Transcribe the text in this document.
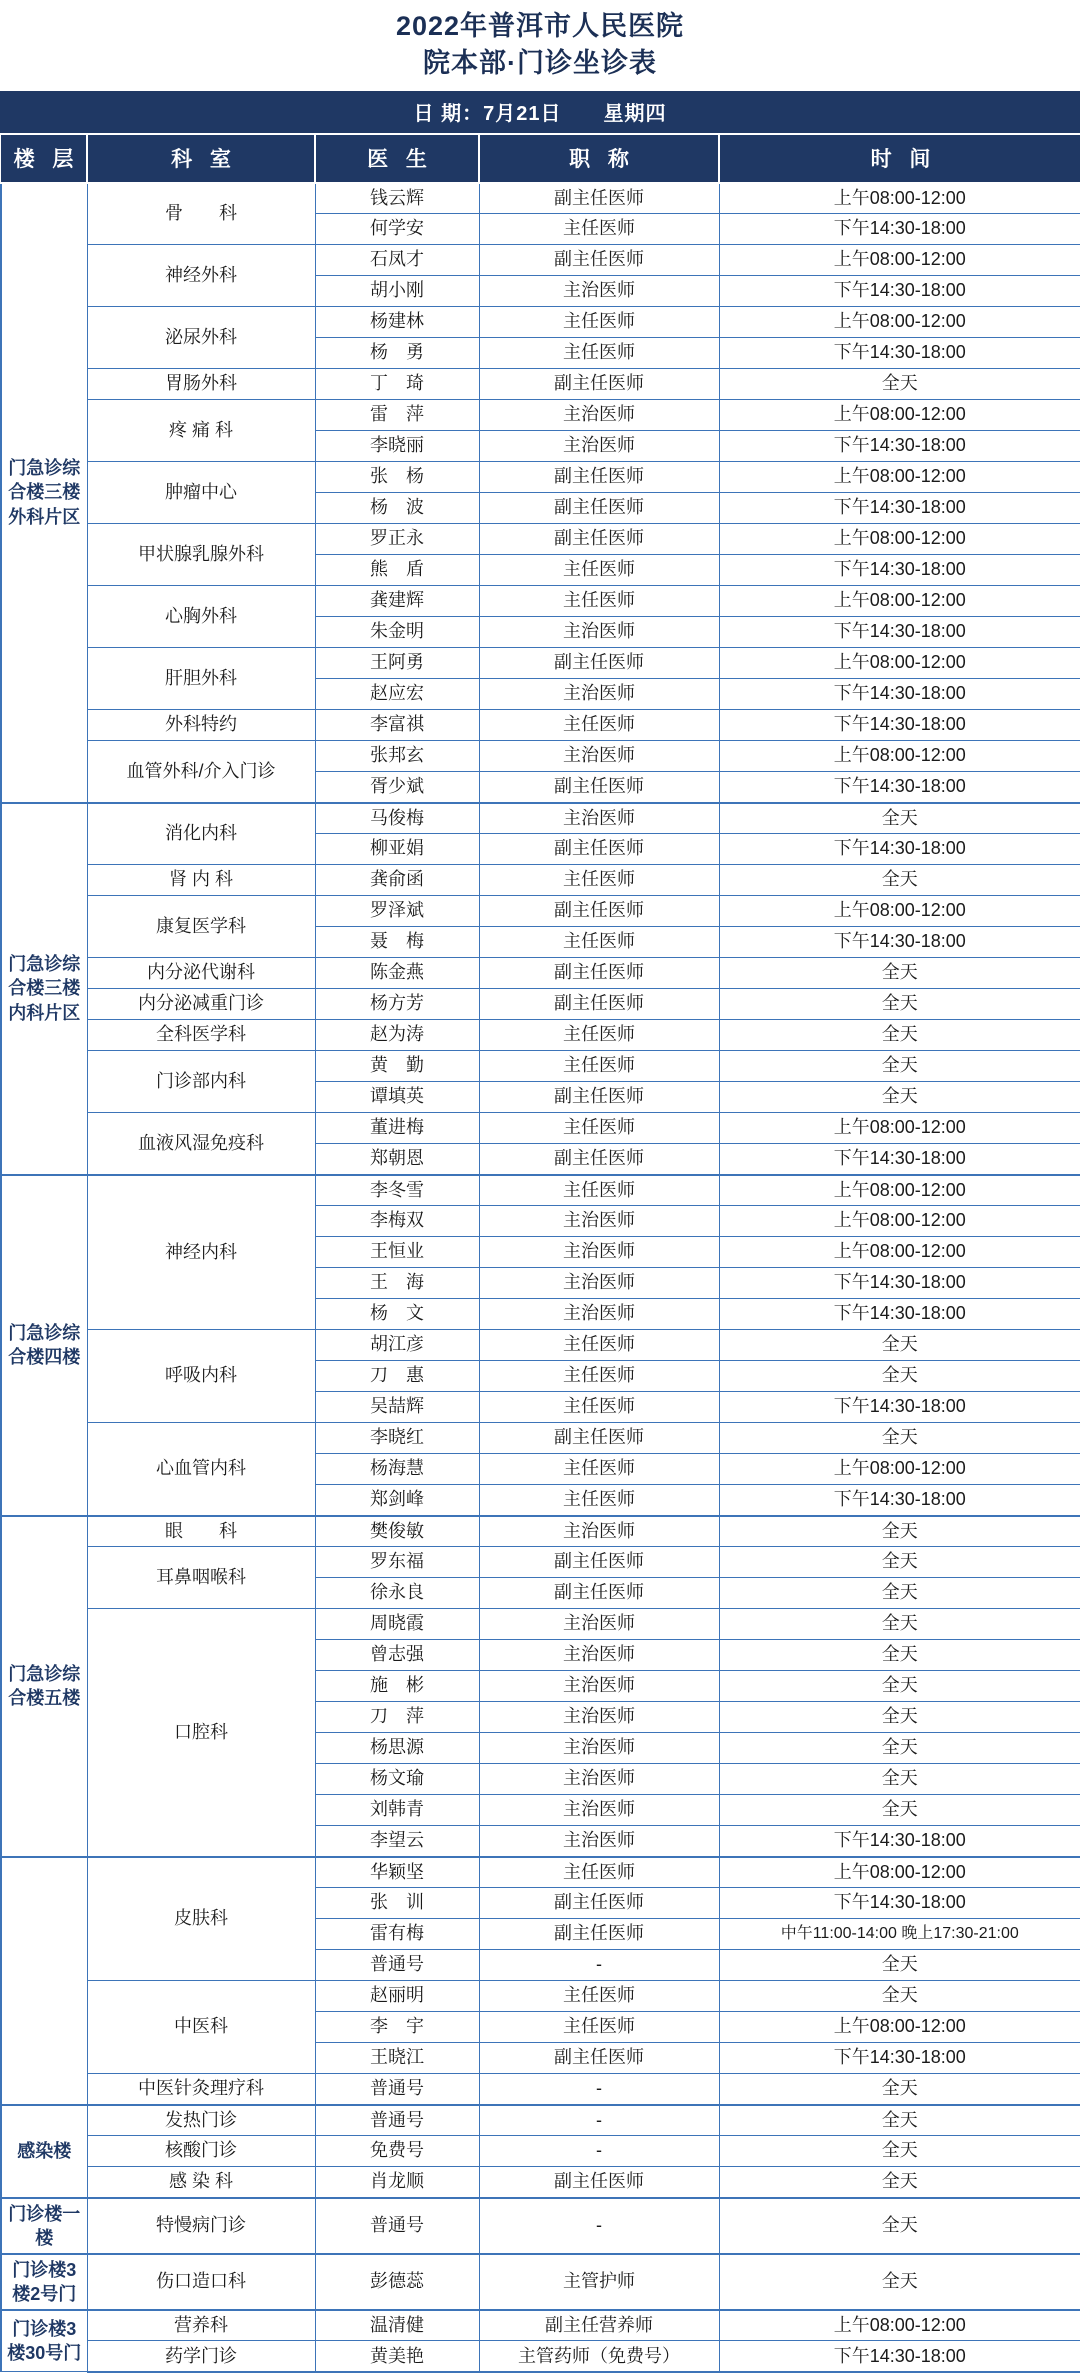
2022年普洱市人民医院
院本部·门诊坐诊表
日 期：7月21日 星期四
楼 层	科 室	医 生	职 称	时 间
门急诊综合楼三楼外科片区	骨　　科	钱云辉	副主任医师	上午08:00-12:00
		何学安	主任医师	下午14:30-18:00
	神经外科	石凤才	副主任医师	上午08:00-12:00
		胡小刚	主治医师	下午14:30-18:00
	泌尿外科	杨建林	主任医师	上午08:00-12:00
		杨　勇	主任医师	下午14:30-18:00
	胃肠外科	丁　琦	副主任医师	全天
	疼 痛 科	雷　萍	主治医师	上午08:00-12:00
		李晓丽	主治医师	下午14:30-18:00
	肿瘤中心	张　杨	副主任医师	上午08:00-12:00
		杨　波	副主任医师	下午14:30-18:00
	甲状腺乳腺外科	罗正永	副主任医师	上午08:00-12:00
		熊　盾	主任医师	下午14:30-18:00
	心胸外科	龚建辉	主任医师	上午08:00-12:00
		朱金明	主治医师	下午14:30-18:00
	肝胆外科	王阿勇	副主任医师	上午08:00-12:00
		赵应宏	主治医师	下午14:30-18:00
	外科特约	李富祺	主任医师	下午14:30-18:00
	血管外科/介入门诊	张邦玄	主治医师	上午08:00-12:00
		胥少斌	副主任医师	下午14:30-18:00
门急诊综合楼三楼内科片区	消化内科	马俊梅	主治医师	全天
		柳亚娟	副主任医师	下午14:30-18:00
	肾 内 科	龚俞函	主任医师	全天
	康复医学科	罗泽斌	副主任医师	上午08:00-12:00
		聂　梅	主任医师	下午14:30-18:00
	内分泌代谢科	陈金燕	副主任医师	全天
	内分泌减重门诊	杨方芳	副主任医师	全天
	全科医学科	赵为涛	主任医师	全天
	门诊部内科	黄　勤	主任医师	全天
		谭填英	副主任医师	全天
	血液风湿免疫科	董进梅	主任医师	上午08:00-12:00
		郑朝恩	副主任医师	下午14:30-18:00
门急诊综合楼四楼	神经内科	李冬雪	主任医师	上午08:00-12:00
		李梅双	主治医师	上午08:00-12:00
		王恒业	主治医师	上午08:00-12:00
		王　海	主治医师	下午14:30-18:00
		杨　文	主治医师	下午14:30-18:00
	呼吸内科	胡江彦	主任医师	全天
		刀　惠	主任医师	全天
		吴喆辉	主任医师	下午14:30-18:00
	心血管内科	李晓红	副主任医师	全天
		杨海慧	主任医师	上午08:00-12:00
		郑剑峰	主任医师	下午14:30-18:00
门急诊综合楼五楼	眼　　科	樊俊敏	主治医师	全天
	耳鼻咽喉科	罗东福	副主任医师	全天
		徐永良	副主任医师	全天
	口腔科	周晓霞	主治医师	全天
		曾志强	主治医师	全天
		施　彬	主治医师	全天
		刀　萍	主治医师	全天
		杨思源	主治医师	全天
		杨文瑜	主治医师	全天
		刘韩青	主治医师	全天
		李望云	主治医师	下午14:30-18:00
	皮肤科	华颖坚	主任医师	上午08:00-12:00
		张　训	副主任医师	下午14:30-18:00
		雷有梅	副主任医师	中午11:00-14:00 晚上17:30-21:00
		普通号	-	全天
	中医科	赵丽明	主任医师	全天
		李　宇	主任医师	上午08:00-12:00
		王晓江	副主任医师	下午14:30-18:00
	中医针灸理疗科	普通号	-	全天
感染楼	发热门诊	普通号	-	全天
	核酸门诊	免费号	-	全天
	感 染 科	肖龙顺	副主任医师	全天
门诊楼一楼	特慢病门诊	普通号	-	全天
门诊楼3楼2号门	伤口造口科	彭德蕊	主管护师	全天
门诊楼3楼30号门	营养科	温清健	副主任营养师	上午08:00-12:00
	药学门诊	黄美艳	主管药师（免费号）	下午14:30-18:00
